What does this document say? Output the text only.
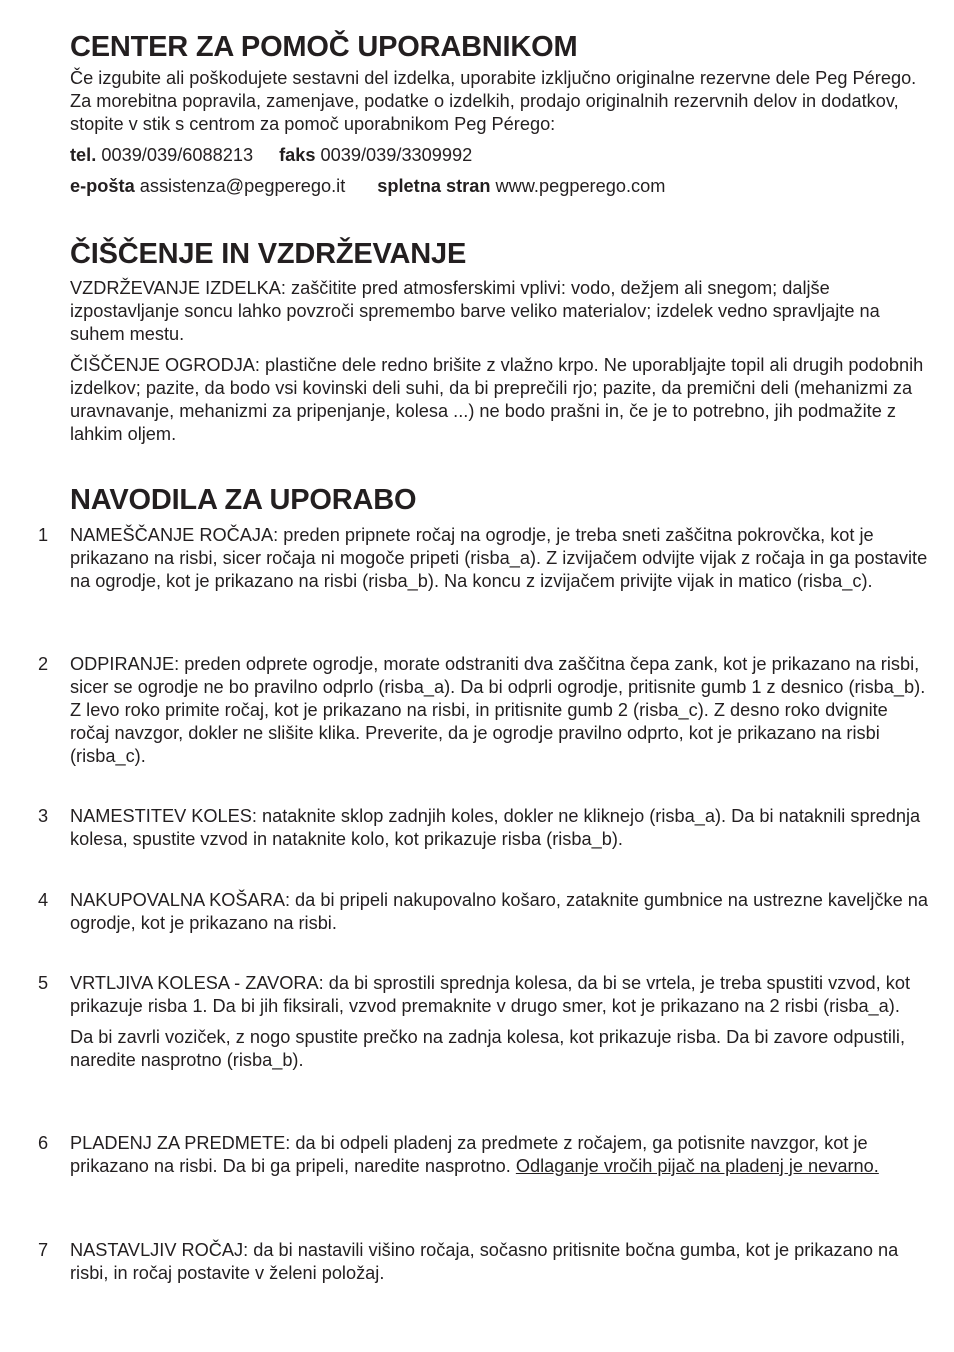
CENTER ZA POMOČ UPORABNIKOM

Če izgubite ali poškodujete sestavni del izdelka, uporabite izključno originalne rezervne dele Peg Pérego. Za morebitna popravila, zamenjave, podatke o izdelkih, prodajo originalnih rezervnih delov in dodatkov, stopite v stik s centrom za pomoč uporabnikom Peg Pérego:

tel. 0039/039/6088213 faks 0039/039/3309992
e-pošta assistenza@pegperego.it spletna stran www.pegperego.com
ČIŠČENJE IN VZDRŽEVANJE

VZDRŽEVANJE IZDELKA: zaščitite pred atmosferskimi vplivi: vodo, dežjem ali snegom; daljše izpostavljanje soncu lahko povzroči spremembo barve veliko materialov; izdelek vedno spravljajte na suhem mestu.

ČIŠČENJE OGRODJA: plastične dele redno brišite z vlažno krpo. Ne uporabljajte topil ali drugih podobnih izdelkov; pazite, da bodo vsi kovinski deli suhi, da bi preprečili rjo; pazite, da premični deli (mehanizmi za uravnavanje, mehanizmi za pripenjanje, kolesa ...) ne bodo prašni in, če je to potrebno, jih podmažite z lahkim oljem.

NAVODILA ZA UPORABO
1	NAMEŠČANJE ROČAJA: preden pripnete ročaj na ogrodje, je treba sneti zaščitna pokrovčka, kot je prikazano na risbi, sicer ročaja ni mogoče pripeti (risba_a). Z izvijačem odvijte vijak z ročaja in ga postavite na ogrodje, kot je prikazano na risbi (risba_b). Na koncu z izvijačem privijte vijak in matico (risba_c).

2	ODPIRANJE: preden odprete ogrodje, morate odstraniti dva zaščitna čepa zank, kot je prikazano na risbi, sicer se ogrodje ne bo pravilno odprlo (risba_a). Da bi odprli ogrodje, pritisnite gumb 1 z desnico (risba_b). Z levo roko primite ročaj, kot je prikazano na risbi, in pritisnite gumb 2 (risba_c). Z desno roko dvignite ročaj navzgor, dokler ne slišite klika. Preverite, da je ogrodje pravilno odprto, kot je prikazano na risbi (risba_c).

3	NAMESTITEV KOLES: nataknite sklop zadnjih koles, dokler ne kliknejo (risba_a). Da bi nataknili sprednja kolesa, spustite vzvod in nataknite kolo, kot prikazuje risba (risba_b).

4	NAKUPOVALNA KOŠARA: da bi pripeli nakupovalno košaro, zataknite gumbnice na ustrezne kaveljčke na ogrodje, kot je prikazano na risbi.

5	VRTLJIVA KOLESA - ZAVORA: da bi sprostili sprednja kolesa, da bi se vrtela, je treba spustiti vzvod, kot prikazuje risba 1. Da bi jih fiksirali, vzvod premaknite v drugo smer, kot je prikazano na 2 risbi (risba_a).

Da bi zavrli voziček, z nogo spustite prečko na zadnja kolesa, kot prikazuje risba. Da bi zavore odpustili, naredite nasprotno (risba_b).

6	PLADENJ ZA PREDMETE: da bi odpeli pladenj za predmete z ročajem, ga potisnite navzgor, kot je prikazano na risbi. Da bi ga pripeli, naredite nasprotno. Odlaganje vročih pijač na pladenj je nevarno.

7	NASTAVLJIV ROČAJ: da bi nastavili višino ročaja, sočasno pritisnite bočna gumba, kot je prikazano na risbi, in ročaj postavite v želeni položaj.
